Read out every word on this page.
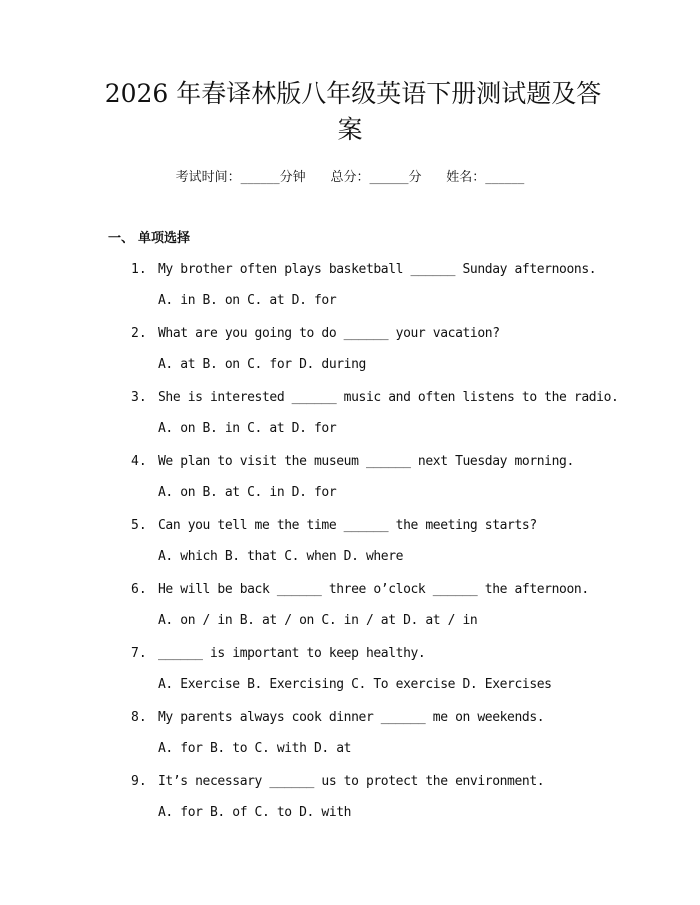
2026 年春译林版八年级英语下册测试题及答
案
考试时间：______分钟 总分：______分 姓名：______
一、 单项选择
1. My brother often plays basketball ______ Sunday afternoons.
A. in B. on C. at D. for
2. What are you going to do ______ your vacation?
A. at B. on C. for D. during
3. She is interested ______ music and often listens to the radio.
A. on B. in C. at D. for
4. We plan to visit the museum ______ next Tuesday morning.
A. on B. at C. in D. for
5. Can you tell me the time ______ the meeting starts?
A. which B. that C. when D. where
6. He will be back ______ three o’clock ______ the afternoon.
A. on / in B. at / on C. in / at D. at / in
7. ______ is important to keep healthy.
A. Exercise B. Exercising C. To exercise D. Exercises
8. My parents always cook dinner ______ me on weekends.
A. for B. to C. with D. at
9. It’s necessary ______ us to protect the environment.
A. for B. of C. to D. with
